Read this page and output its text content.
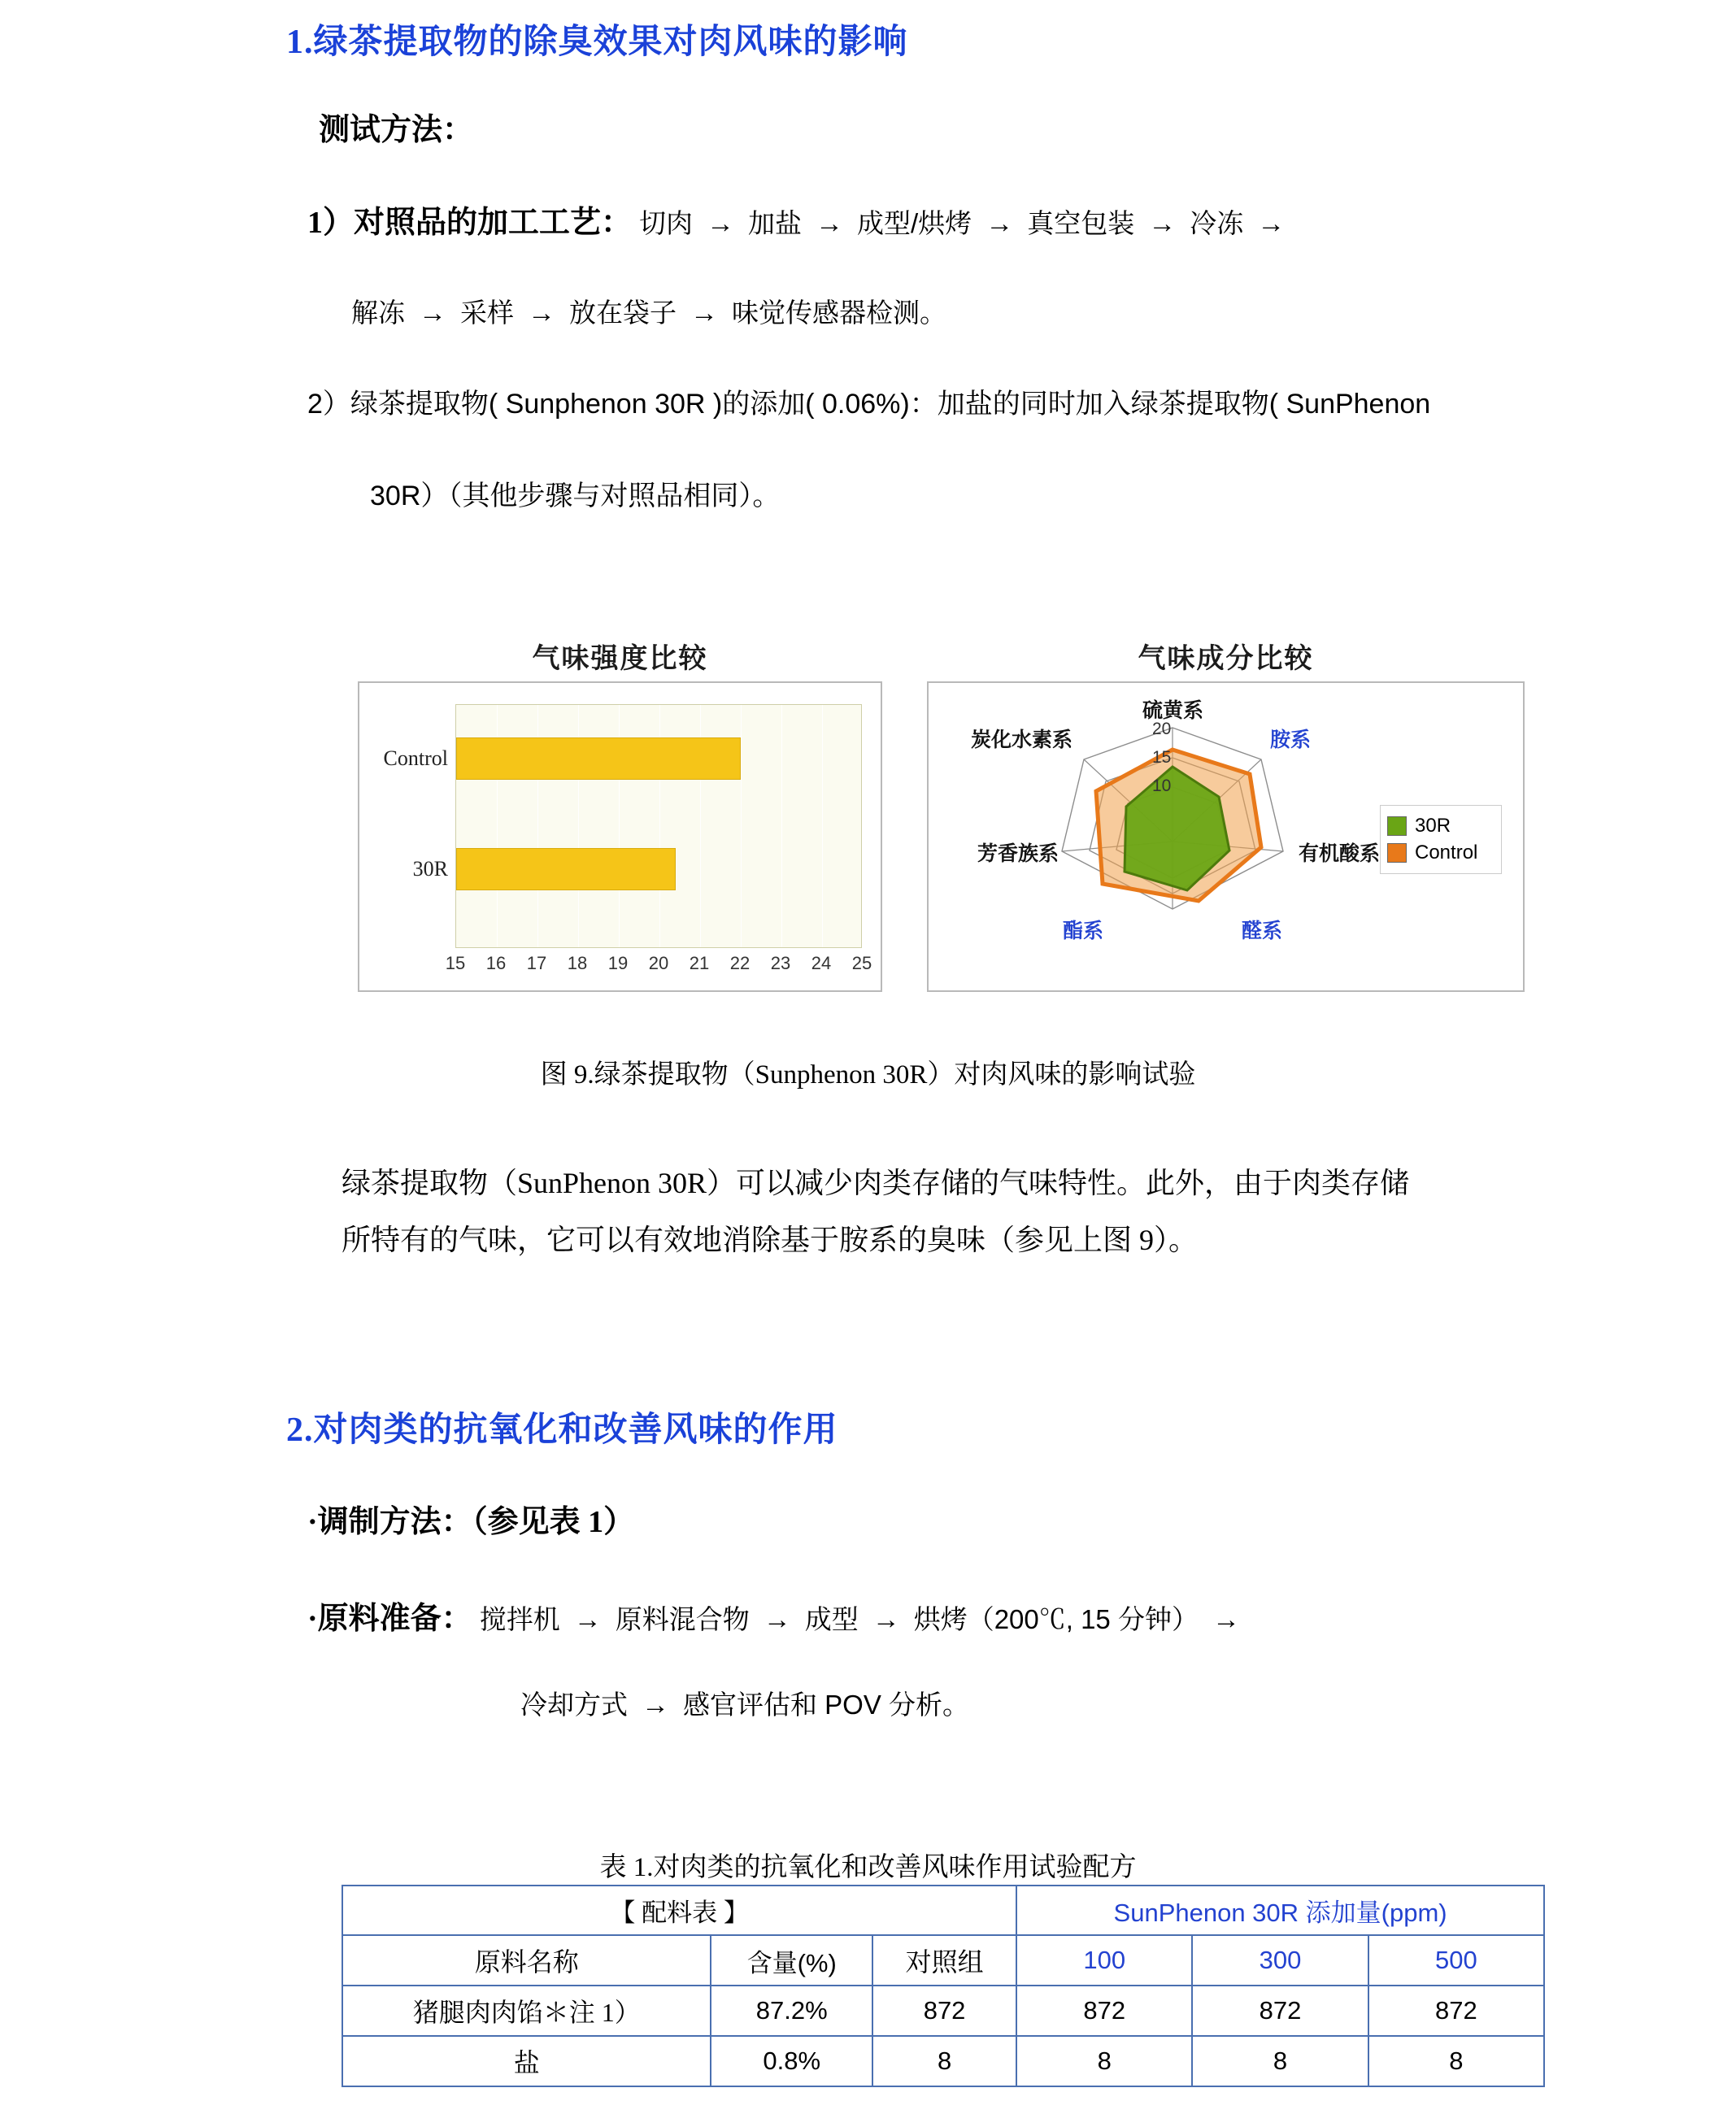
1.绿茶提取物的除臭效果对肉风味的影响
测试方法：
1）对照品的加工工艺： 切肉 → 加盐 → 成型/烘烤 → 真空包装 → 冷冻 →
解冻 → 采样 → 放在袋子 → 味觉传感器检测。
2）绿茶提取物( Sunphenon 30R )的添加( 0.06%)：加盐的同时加入绿茶提取物( SunPhenon
30R）（其他步骤与对照品相同）。
气味强度比较	气味成分比较
Control
30R
15	16	17	18	19	20	21	22	23	24	25
硫黄系
胺系
有机酸系
醛系
酯系
芳香族系
炭化水素系
10
15
20
30R
Control
图 9.绿茶提取物（Sunphenon 30R）对肉风味的影响试验
绿茶提取物（SunPhenon 30R）可以减少肉类存储的气味特性。此外，由于肉类存储
所特有的气味，它可以有效地消除基于胺系的臭味（参见上图 9）。
2.对肉类的抗氧化和改善风味的作用
·调制方法：（参见表 1）
·原料准备： 搅拌机 → 原料混合物 → 成型 → 烘烤（200℃, 15 分钟） →
冷却方式 → 感官评估和 POV 分析。
表 1.对肉类的抗氧化和改善风味作用试验配方
【 配料表 】			SunPhenon 30R 添加量(ppm)		
原料名称	含量(%)	对照组	100	300	500
猪腿肉肉馅＊注 1）	87.2%	872	872	872	872
盐	0.8%	8	8	8	8
